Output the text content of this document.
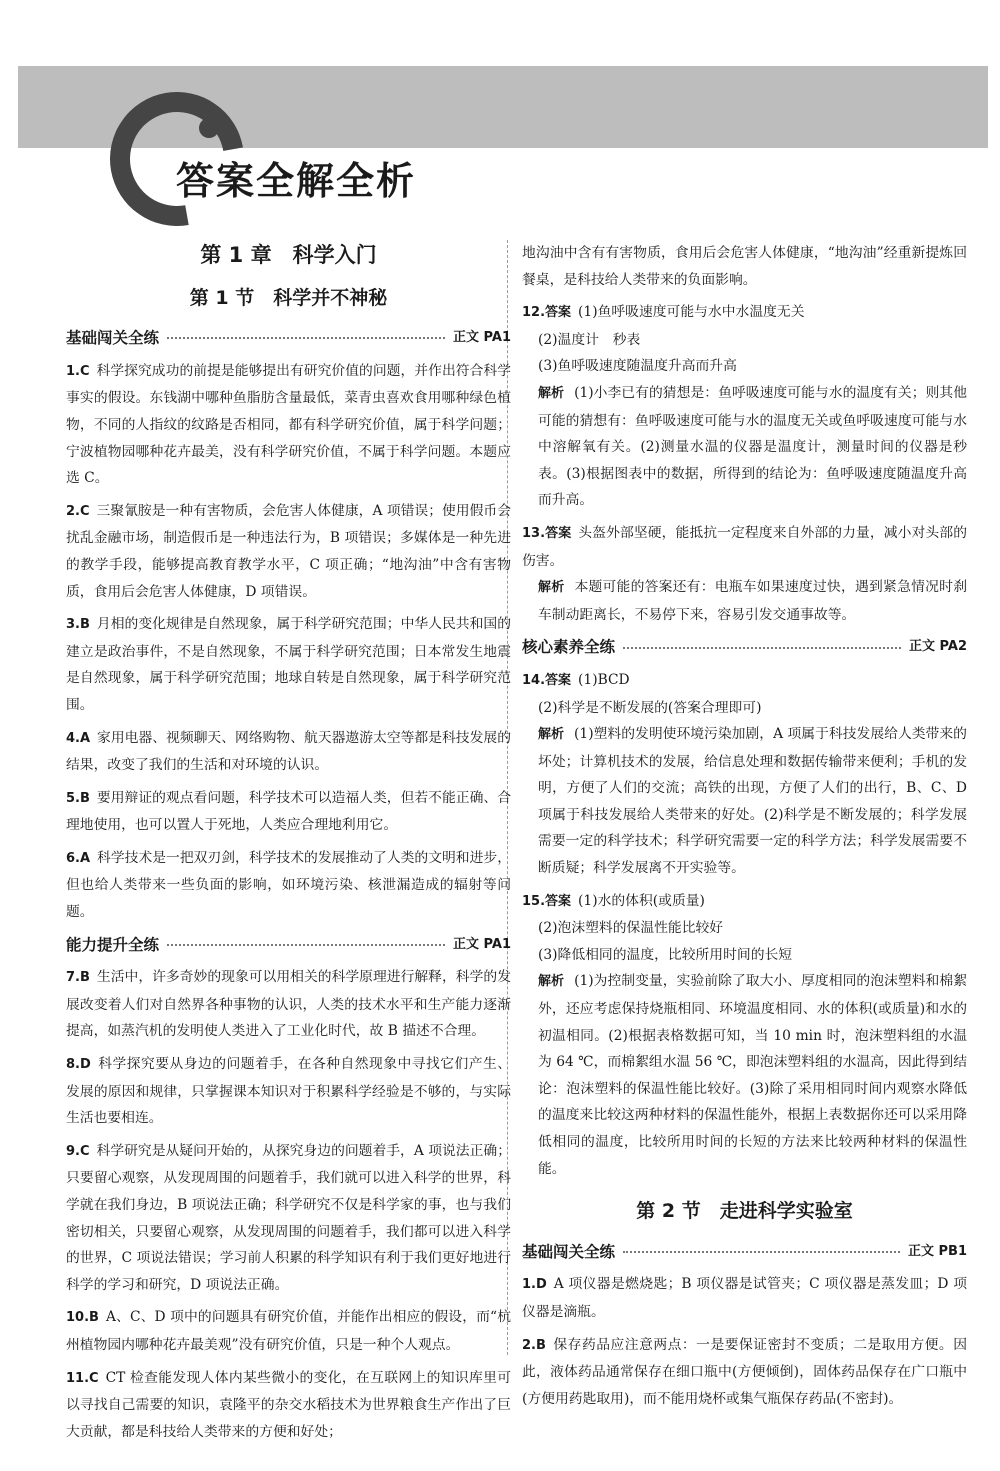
答案全解全析
第 1 章　科学入门
第 1 节　科学并不神秘
基础闯关全练	正文 PA1

1.C 科学探究成功的前提是能够提出有研究价值的问题，并作出符合科学事实的假设。东钱湖中哪种鱼脂肪含量最低，菜青虫喜欢食用哪种绿色植物，不同的人指纹的纹路是否相同，都有科学研究价值，属于科学问题；宁波植物园哪种花卉最美，没有科学研究价值，不属于科学问题。本题应选 C。

2.C 三聚氰胺是一种有害物质，会危害人体健康，A 项错误；使用假币会扰乱金融市场，制造假币是一种违法行为，B 项错误；多媒体是一种先进的教学手段，能够提高教育教学水平，C 项正确；“地沟油”中含有害物质，食用后会危害人体健康，D 项错误。

3.B 月相的变化规律是自然现象，属于科学研究范围；中华人民共和国的建立是政治事件，不是自然现象，不属于科学研究范围；日本常发生地震是自然现象，属于科学研究范围；地球自转是自然现象，属于科学研究范围。

4.A 家用电器、视频聊天、网络购物、航天器遨游太空等都是科技发展的结果，改变了我们的生活和对环境的认识。

5.B 要用辩证的观点看问题，科学技术可以造福人类，但若不能正确、合理地使用，也可以置人于死地，人类应合理地利用它。

6.A 科学技术是一把双刃剑，科学技术的发展推动了人类的文明和进步，但也给人类带来一些负面的影响，如环境污染、核泄漏造成的辐射等问题。

能力提升全练	正文 PA1

7.B 生活中，许多奇妙的现象可以用相关的科学原理进行解释，科学的发展改变着人们对自然界各种事物的认识，人类的技术水平和生产能力逐渐提高，如蒸汽机的发明使人类进入了工业化时代，故 B 描述不合理。

8.D 科学探究要从身边的问题着手，在各种自然现象中寻找它们产生、发展的原因和规律，只掌握课本知识对于积累科学经验是不够的，与实际生活也要相连。

9.C 科学研究是从疑问开始的，从探究身边的问题着手，A 项说法正确；只要留心观察，从发现周围的问题着手，我们就可以进入科学的世界，科学就在我们身边，B 项说法正确；科学研究不仅是科学家的事，也与我们密切相关，只要留心观察，从发现周围的问题着手，我们都可以进入科学的世界，C 项说法错误；学习前人积累的科学知识有利于我们更好地进行科学的学习和研究，D 项说法正确。

10.B A、C、D 项中的问题具有研究价值，并能作出相应的假设，而“杭州植物园内哪种花卉最美观”没有研究价值，只是一种个人观点。

11.C CT 检查能发现人体内某些微小的变化，在互联网上的知识库里可以寻找自己需要的知识，袁隆平的杂交水稻技术为世界粮食生产作出了巨大贡献，都是科技给人类带来的方便和好处；

地沟油中含有有害物质，食用后会危害人体健康，“地沟油”经重新提炼回餐桌，是科技给人类带来的负面影响。

12.答案 (1)鱼呼吸速度可能与水中水温度无关

(2)温度计　秒表

(3)鱼呼吸速度随温度升高而升高

解析 (1)小李已有的猜想是：鱼呼吸速度可能与水的温度有关；则其他可能的猜想有：鱼呼吸速度可能与水的温度无关或鱼呼吸速度可能与水中溶解氧有关。(2)测量水温的仪器是温度计，测量时间的仪器是秒表。(3)根据图表中的数据，所得到的结论为：鱼呼吸速度随温度升高而升高。

13.答案 头盔外部坚硬，能抵抗一定程度来自外部的力量，减小对头部的伤害。

解析 本题可能的答案还有：电瓶车如果速度过快，遇到紧急情况时刹车制动距离长，不易停下来，容易引发交通事故等。

核心素养全练	正文 PA2

14.答案 (1)BCD

(2)科学是不断发展的(答案合理即可)

解析 (1)塑料的发明使环境污染加剧，A 项属于科技发展给人类带来的坏处；计算机技术的发展，给信息处理和数据传输带来便利；手机的发明，方便了人们的交流；高铁的出现，方便了人们的出行，B、C、D 项属于科技发展给人类带来的好处。(2)科学是不断发展的；科学发展需要一定的科学技术；科学研究需要一定的科学方法；科学发展需要不断质疑；科学发展离不开实验等。

15.答案 (1)水的体积(或质量)

(2)泡沫塑料的保温性能比较好

(3)降低相同的温度，比较所用时间的长短

解析 (1)为控制变量，实验前除了取大小、厚度相同的泡沫塑料和棉絮外，还应考虑保持烧瓶相同、环境温度相同、水的体积(或质量)和水的初温相同。(2)根据表格数据可知，当 10 min 时，泡沫塑料组的水温为 64 ℃，而棉絮组水温 56 ℃，即泡沫塑料组的水温高，因此得到结论：泡沫塑料的保温性能比较好。(3)除了采用相同时间内观察水降低的温度来比较这两种材料的保温性能外，根据上表数据你还可以采用降低相同的温度，比较所用时间的长短的方法来比较两种材料的保温性能。

第 2 节　走进科学实验室
基础闯关全练	正文 PB1

1.D A 项仪器是燃烧匙；B 项仪器是试管夹；C 项仪器是蒸发皿；D 项仪器是滴瓶。

2.B 保存药品应注意两点：一是要保证密封不变质；二是取用方便。因此，液体药品通常保存在细口瓶中(方便倾倒)，固体药品保存在广口瓶中(方便用药匙取用)，而不能用烧杯或集气瓶保存药品(不密封)。
